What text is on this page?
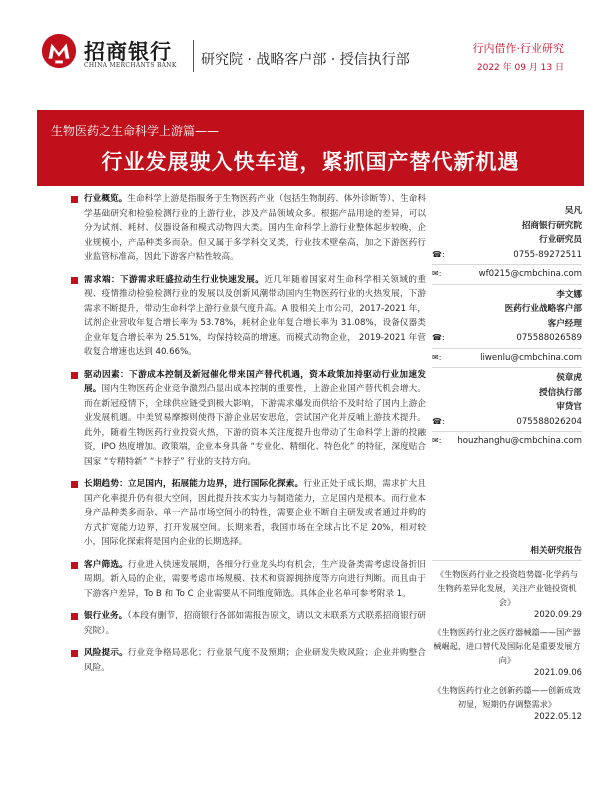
招商银行
CHINA MERCHANTS BANK 研究院 · 战略客户部 · 授信执行部
行内借作·行业研究
2022 年 09 月 13 日
生物医药之生命科学上游篇——
行业发展驶入快车道，紧抓国产替代新机遇
行业概览。生命科学上游是指服务于生物医药产业（包括生物制药、体外诊断等）、生命科学基础研究和检验检测行业的上游行业，涉及产品领域众多。根据产品用途的差异，可以分为试剂、耗材、仪器设备和模式动物四大类。国内生命科学上游行业整体起步较晚，企业规模小，产品种类多而杂。但又属于多学科交叉类，行业技术壁垒高，加之下游医药行业监管标准高，因此下游客户粘性较高。
需求端：下游需求旺盛拉动生行业快速发展。近几年随着国家对生命科学相关领域的重视、疫情推动检验检测行业的发展以及创新风潮带动国内生物医药行业的火热发展，下游需求不断提升，带动生命科学上游行业景气度升高。A 股相关上市公司，2017-2021 年，试剂企业营收年复合增长率为 53.78%，耗材企业年复合增长率为 31.08%，设备仪器类企业年复合增长率为 25.51%，均保持较高的增速。而模式动物企业， 2019-2021 年营收复合增速也达到 40.66%。
驱动因素：下游成本控制及新冠催化带来国产替代机遇，资本政策加持驱动行业加速发展。国内生物医药企业竞争激烈凸显出成本控制的重要性，上游企业国产替代机会增大。而在新冠疫情下，全球供应链受到极大影响，下游需求爆发而供给不及时给了国内上游企业发展机遇。中美贸易摩擦则使得下游企业居安思危，尝试国产化并反哺上游技术提升。此外，随着生物医药行业投资火热，下游的资本关注度提升也带动了生命科学上游的投融资，IPO 热度增加。政策端，企业本身具备 “专业化、精细化、特色化” 的特征，深度贴合国家 “专精特新” “卡脖子” 行业的支持方向。
长期趋势：立足国内，拓展能力边界，进行国际化探索。行业正处于成长期，需求扩大且国产化率提升仍有很大空间，因此提升技术实力与制造能力，立足国内是根本。而行业本身产品种类多而杂、单一产品市场空间小的特性，需要企业不断自主研发或者通过并购的方式扩宽能力边界，打开发展空间。长期来看，我国市场在全球占比不足 20%，相对较小，国际化探索将是国内企业的长期选择。
客户筛选。行业进入快速发展期，各细分行业龙头均有机会，生产设备类需考虑设备折旧周期。新入局的企业，需要考虑市场规模、技术和资源拥挤度等方向进行判断。而且由于下游客户差异，To B 和 To C 企业需要从不同维度筛选。具体企业名单可参考附录 1。
银行业务。（本段有删节，招商银行各部如需报告原文，请以文末联系方式联系招商银行研究院）。
风险提示。行业竞争格局恶化；行业景气度不及预期；企业研发失败风险；企业并购整合风险。
吴凡
招商银行研究院
行业研究员
☎:	0755-89272511
✉:	wf0215@cmbchina.com
李文娜
医药行业战略客户部
客户经理
☎:	075588026589
✉:	liwenlu@cmbchina.com
侯章虎
授信执行部
审贷官
☎:	075588026204
✉:	houzhanghu@cmbchina.com
相关研究报告
《生物医药行业之投资趋势篇-化学药与生物药差异化发展，关注产业链投资机会》
2020.09.29
《生物医药行业之医疗器械篇——国产器械崛起，进口替代及国际化是重要发展方向》
2021.09.06
《生物医药行业之创新药篇——创新成效初显，短期仍存调整需求》
2022.05.12
